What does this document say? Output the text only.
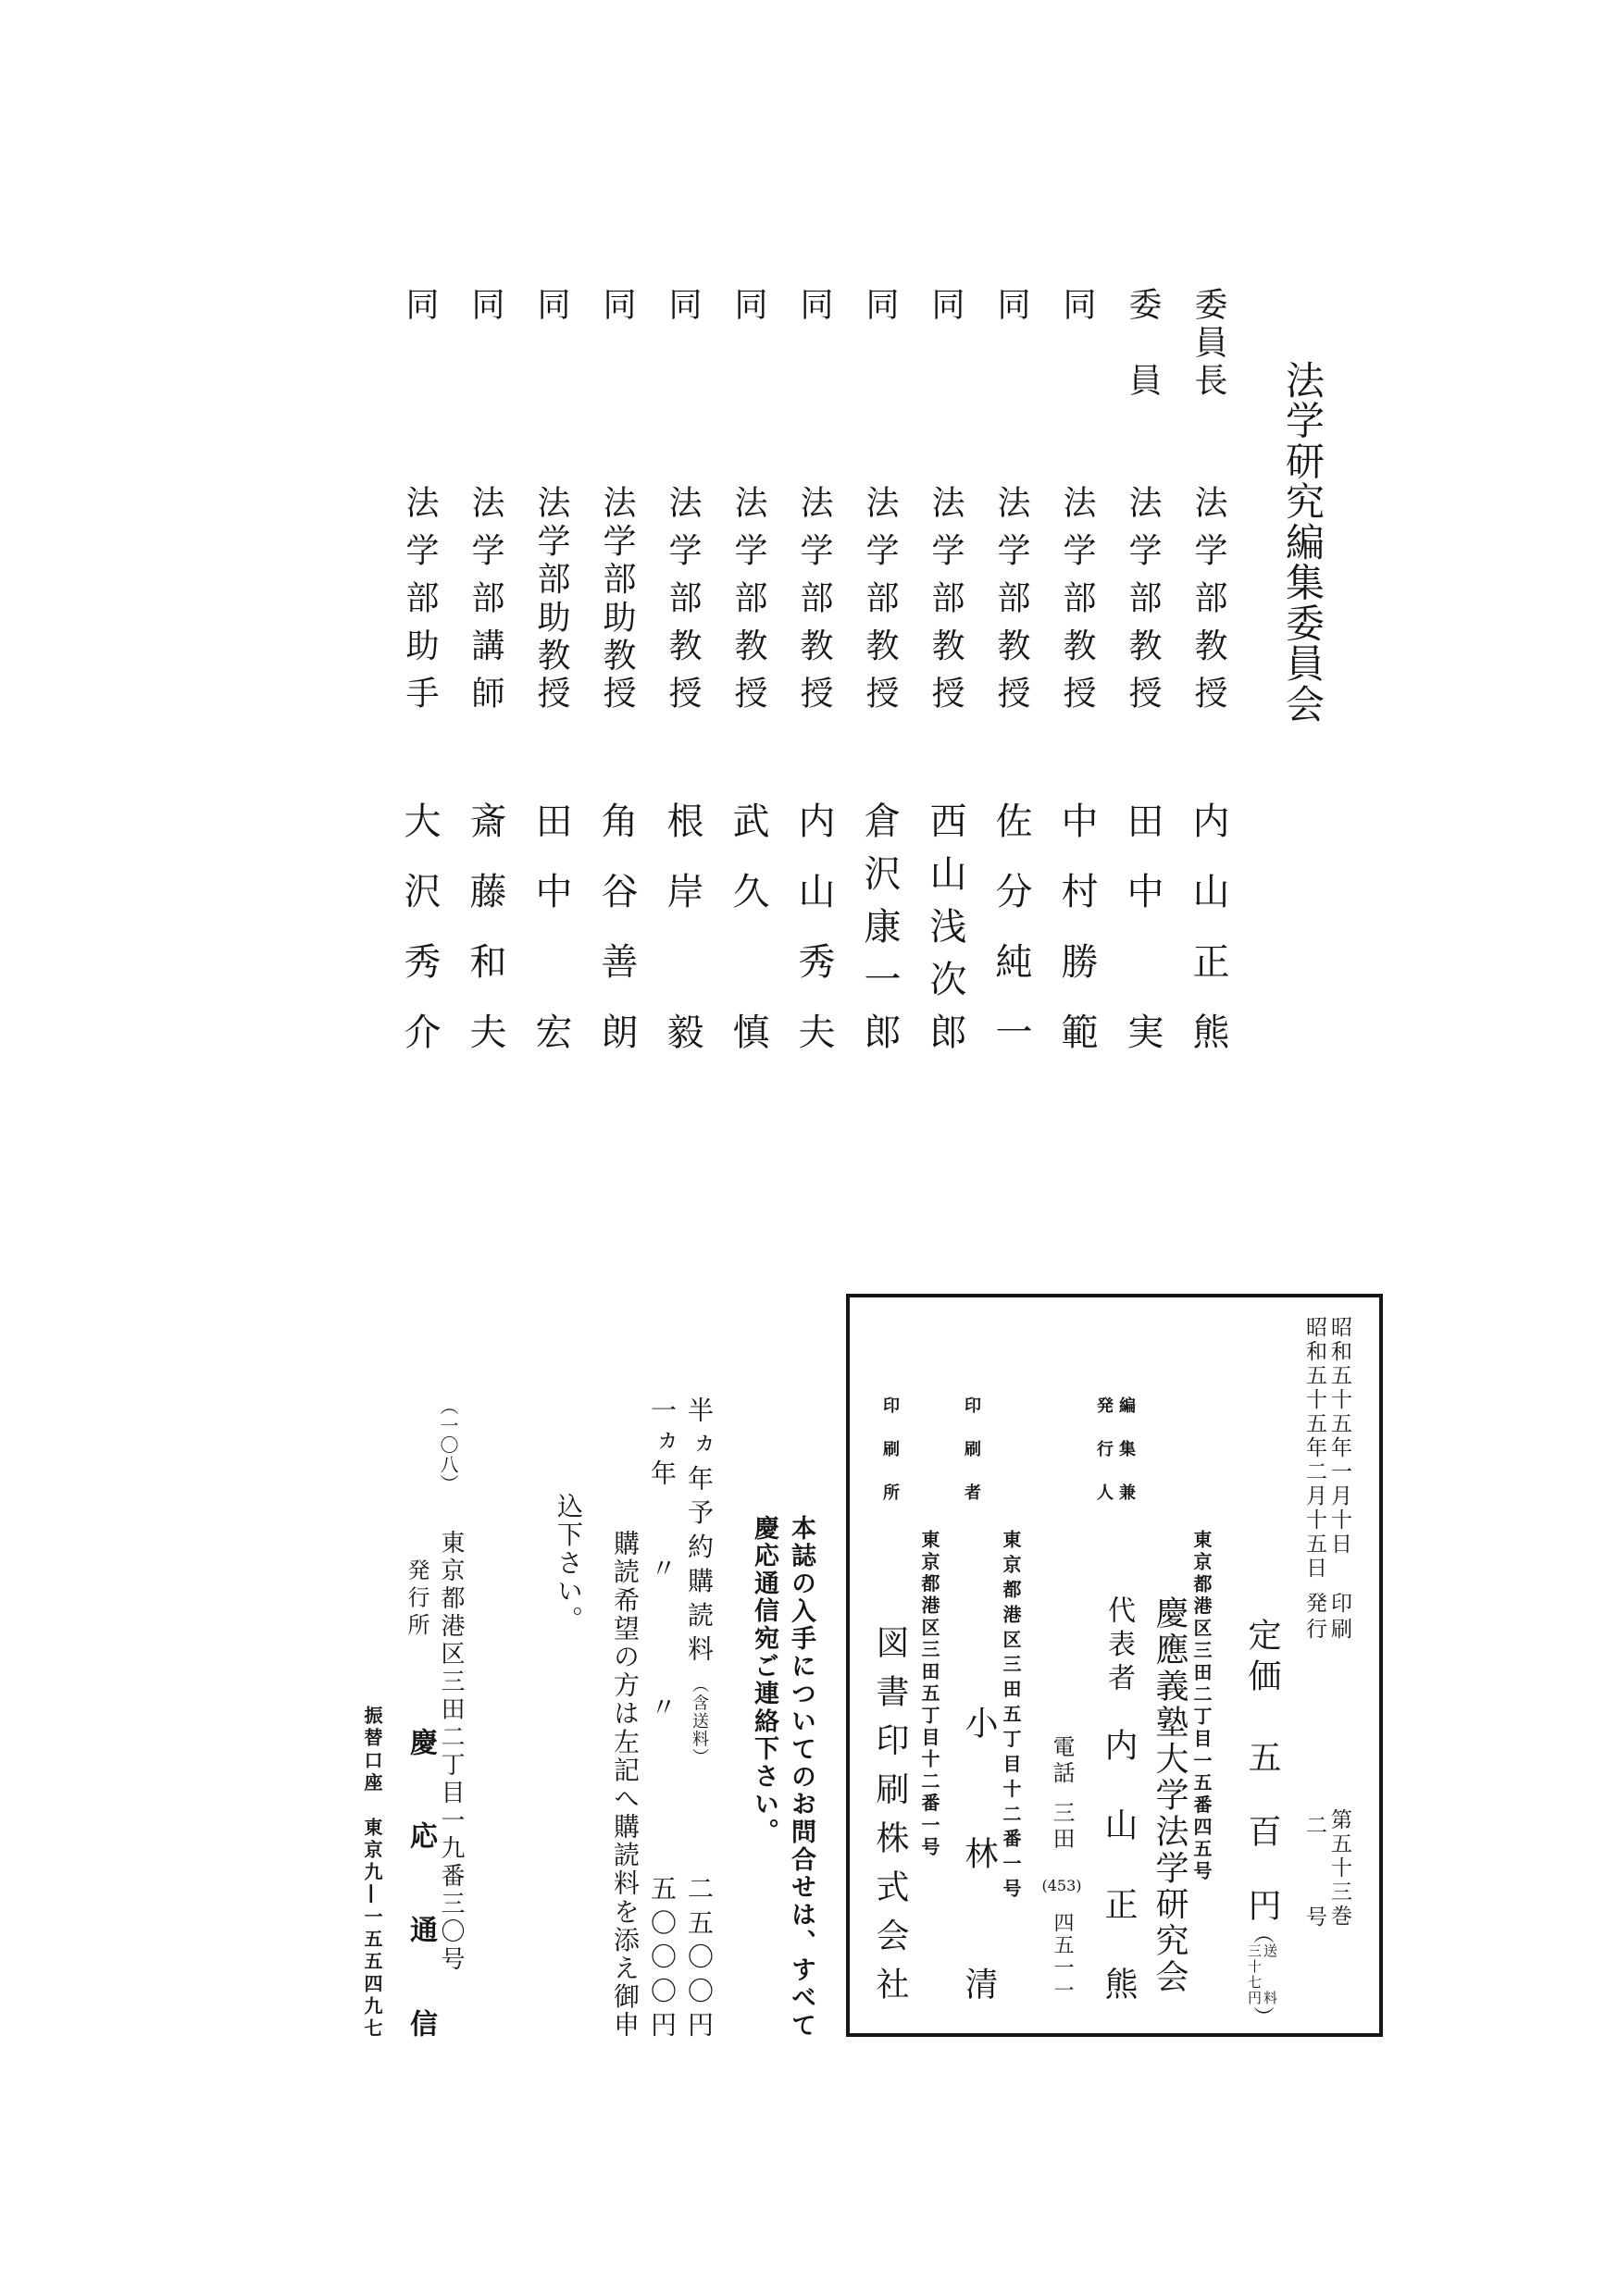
法学研究編集委員会
委員長
法学部教授
内山正熊
委員
法学部教授
田中　実
同
法学部教授
中村勝範
同
法学部教授
佐分純一
同
法学部教授
西山浅次郎
同
法学部教授
倉沢康一郎
同
法学部教授
内山秀夫
同
法学部教授
武久　慎
同
法学部教授
根岸　毅
同
法学部助教授
角谷善朗
同
法学部助教授
田中　宏
同
法学部講師
斎藤和夫
同
法学部助手
大沢秀介
昭和五十五年一月十日
印刷
昭和五十五年二月十五日
発行
第五十三巻
二号
定価
五百円
（
送料
三十七円
）
東京都港区三田二丁目一五番四五号
慶應義塾大学法学研究会
編集兼
発行人
代表者
内山正熊
電話
三田
(453)
四五一一
東京都港区三田五丁目十二番一号
印刷者
小林清
東京都港区三田五丁目十二番一号
印刷所
図書印刷株式会社
本誌の入手についてのお問合せは、すべて
慶応通信宛ご連絡下さい。
半ヵ年予約購読料
（含送料）
二五〇〇円
一ヵ年
〃
〃
五〇〇〇円
購読希望の方は左記へ購読料を添え御申
込下さい。
（一〇八）
東京都港区三田二丁目一九番三〇号
発行所
慶応通信
振替口座　東京九―一五五四九七
